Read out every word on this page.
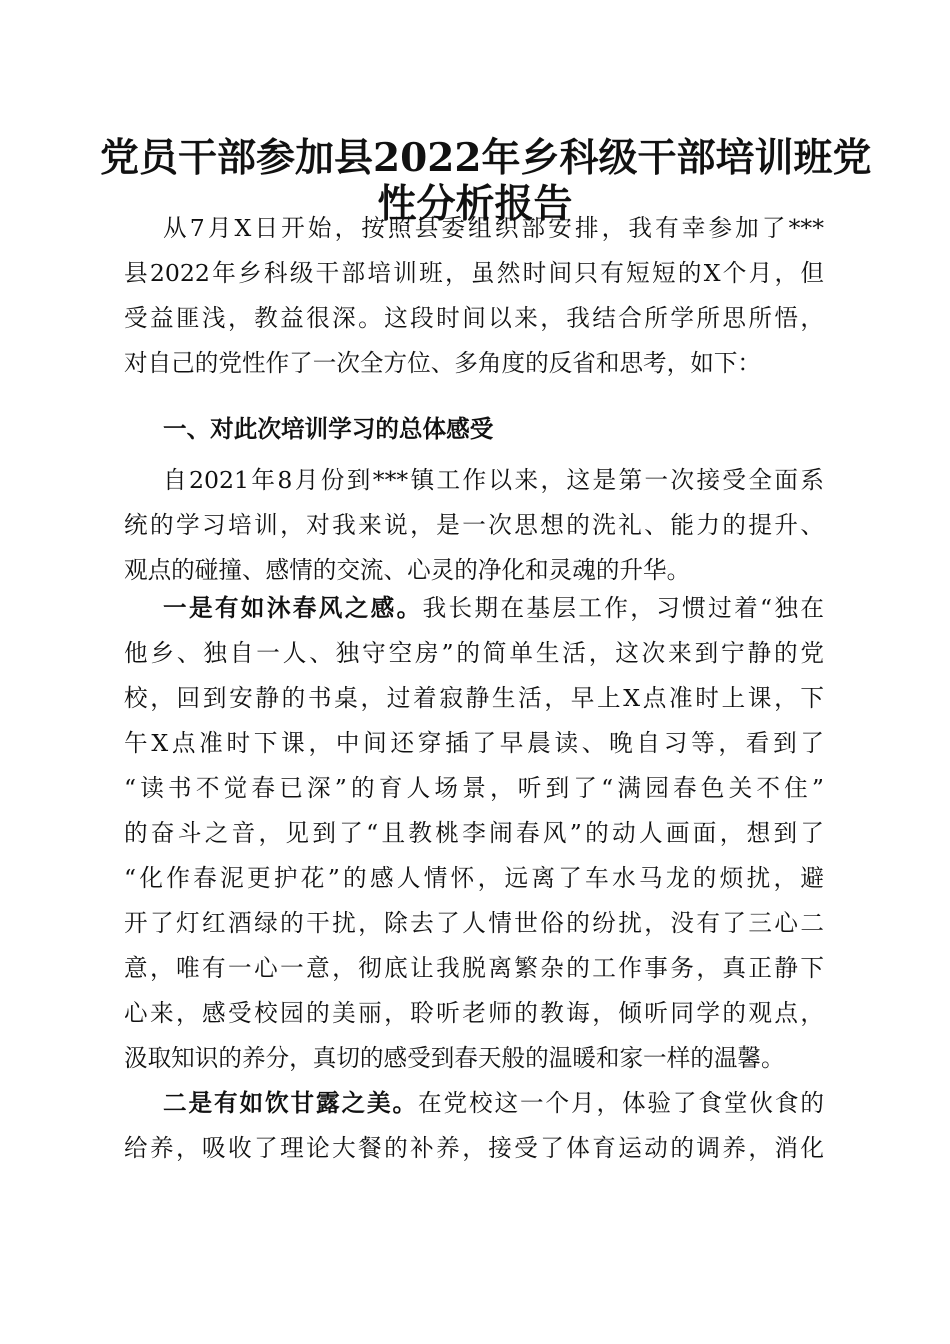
党员干部参加县2022年乡科级干部培训班党
性分析报告
从7月X日开始，按照县委组织部安排，我有幸参加了***
县2022年乡科级干部培训班，虽然时间只有短短的X个月，但
受益匪浅，教益很深。这段时间以来，我结合所学所思所悟，
对自己的党性作了一次全方位、多角度的反省和思考，如下：
一、对此次培训学习的总体感受
自2021年8月份到***镇工作以来，这是第一次接受全面系
统的学习培训，对我来说，是一次思想的洗礼、能力的提升、
观点的碰撞、感情的交流、心灵的净化和灵魂的升华。
一是有如沐春风之感。我长期在基层工作，习惯过着“独在
他乡、独自一人、独守空房”的简单生活，这次来到宁静的党
校，回到安静的书桌，过着寂静生活，早上X点准时上课，下
午X点准时下课，中间还穿插了早晨读、晚自习等，看到了
“读书不觉春已深”的育人场景，听到了“满园春色关不住”
的奋斗之音，见到了“且教桃李闹春风”的动人画面，想到了
“化作春泥更护花”的感人情怀，远离了车水马龙的烦扰，避
开了灯红酒绿的干扰，除去了人情世俗的纷扰，没有了三心二
意，唯有一心一意，彻底让我脱离繁杂的工作事务，真正静下
心来，感受校园的美丽，聆听老师的教诲，倾听同学的观点，
汲取知识的养分，真切的感受到春天般的温暖和家一样的温馨。
二是有如饮甘露之美。在党校这一个月，体验了食堂伙食的
给养，吸收了理论大餐的补养，接受了体育运动的调养，消化
